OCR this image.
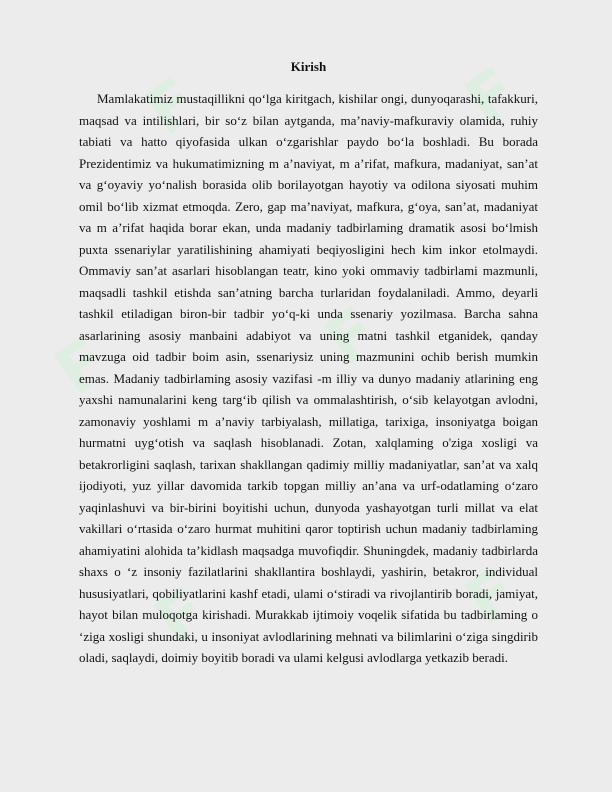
F	F
F	F
F	F
Kirish

Mamlakatimiz mustaqillikni qo‘lga kiritgach, kishilar ongi, dunyoqarashi, tafakkuri, maqsad va intilishlari, bir so‘z bilan aytganda, ma’naviy-mafkuraviy olamida, ruhiy tabiati va hatto qiyofasida ulkan o‘zgarishlar paydo bo‘la boshladi. Bu borada Prezidentimiz va hukumatimizning m a’naviyat, m a’rifat, mafkura, madaniyat, san’at va g‘oyaviy yo‘nalish borasida olib borilayotgan hayotiy va odilona siyosati muhim omil bo‘lib xizmat etmoqda. Zero, gap ma’naviyat, mafkura, g‘oya, san’at, madaniyat va m a’rifat haqida borar ekan, unda madaniy tadbirlaming dramatik asosi bo‘lmish puxta ssenariylar yaratilishining ahamiyati beqiyosligini hech kim inkor etolmaydi. Ommaviy san’at asarlari hisoblangan teatr, kino yoki ommaviy tadbirlami mazmunli, maqsadli tashkil etishda san’atning barcha turlaridan foydalaniladi. Ammo, deyarli tashkil etiladigan biron-bir tadbir yo‘q-ki unda ssenariy yozilmasa. Barcha sahna asarlarining asosiy manbaini adabiyot va uning matni tashkil etganidek, qanday mavzuga oid tadbir boim asin, ssenariysiz uning mazmunini ochib berish mumkin emas. Madaniy tadbirlaming asosiy vazifasi -m illiy va dunyo madaniy atlarining eng yaxshi namunalarini keng targ‘ib qilish va ommalashtirish, o‘sib kelayotgan avlodni, zamonaviy yoshlami m a’naviy tarbiyalash, millatiga, tarixiga, insoniyatga boigan hurmatni uyg‘otish va saqlash hisoblanadi. Zotan, xalqlaming o'ziga xosligi va betakrorligini saqlash, tarixan shakllangan qadimiy milliy madaniyatlar, san’at va xalq ijodiyoti, yuz yillar davomida tarkib topgan milliy an’ana va urf-odatlaming o‘zaro yaqinlashuvi va bir-birini boyitishi uchun, dunyoda yashayotgan turli millat va elat vakillari o‘rtasida o‘zaro hurmat muhitini qaror toptirish uchun madaniy tadbirlaming ahamiyatini alohida ta’kidlash maqsadga muvofiqdir. Shuningdek, madaniy tadbirlarda shaxs o ‘z insoniy fazilatlarini shakllantira boshlaydi, yashirin, betakror, individual hususiyatlari, qobiliyatlarini kashf etadi, ulami o‘stiradi va rivojlantirib boradi, jamiyat, hayot bilan muloqotga kirishadi. Murakkab ijtimoiy voqelik sifatida bu tadbirlaming o ‘ziga xosligi shundaki, u insoniyat avlodlarining mehnati va bilimlarini o‘ziga singdirib oladi, saqlaydi, doimiy boyitib boradi va ulami kelgusi avlodlarga yetkazib beradi.
